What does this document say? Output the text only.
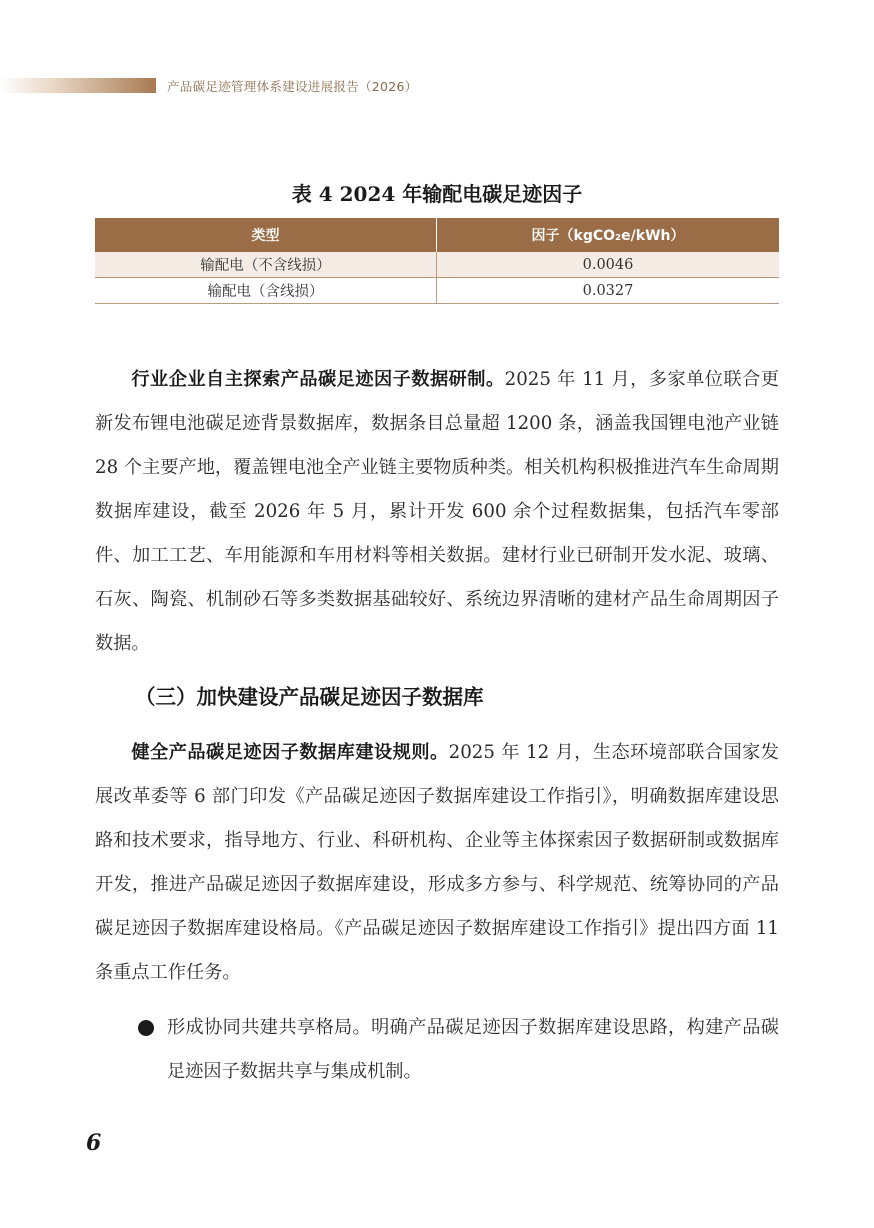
产品碳足迹管理体系建设进展报告（2026）
表 4 2024 年输配电碳足迹因子
类型	因子（kgCO₂e/kWh）
输配电（不含线损）	0.0046
输配电（含线损）	0.0327

行业企业自主探索产品碳足迹因子数据研制。2025 年 11 月，多家单位联合更新发布锂电池碳足迹背景数据库，数据条目总量超 1200 条，涵盖我国锂电池产业链 28 个主要产地，覆盖锂电池全产业链主要物质种类。相关机构积极推进汽车生命周期数据库建设，截至 2026 年 5 月，累计开发 600 余个过程数据集，包括汽车零部件、加工工艺、车用能源和车用材料等相关数据。建材行业已研制开发水泥、玻璃、石灰、陶瓷、机制砂石等多类数据基础较好、系统边界清晰的建材产品生命周期因子数据。

（三）加快建设产品碳足迹因子数据库

健全产品碳足迹因子数据库建设规则。2025 年 12 月，生态环境部联合国家发展改革委等 6 部门印发《产品碳足迹因子数据库建设工作指引》，明确数据库建设思路和技术要求，指导地方、行业、科研机构、企业等主体探索因子数据研制或数据库开发，推进产品碳足迹因子数据库建设，形成多方参与、科学规范、统筹协同的产品碳足迹因子数据库建设格局。《产品碳足迹因子数据库建设工作指引》提出四方面 11 条重点工作任务。

形成协同共建共享格局。明确产品碳足迹因子数据库建设思路，构建产品碳足迹因子数据共享与集成机制。

6
